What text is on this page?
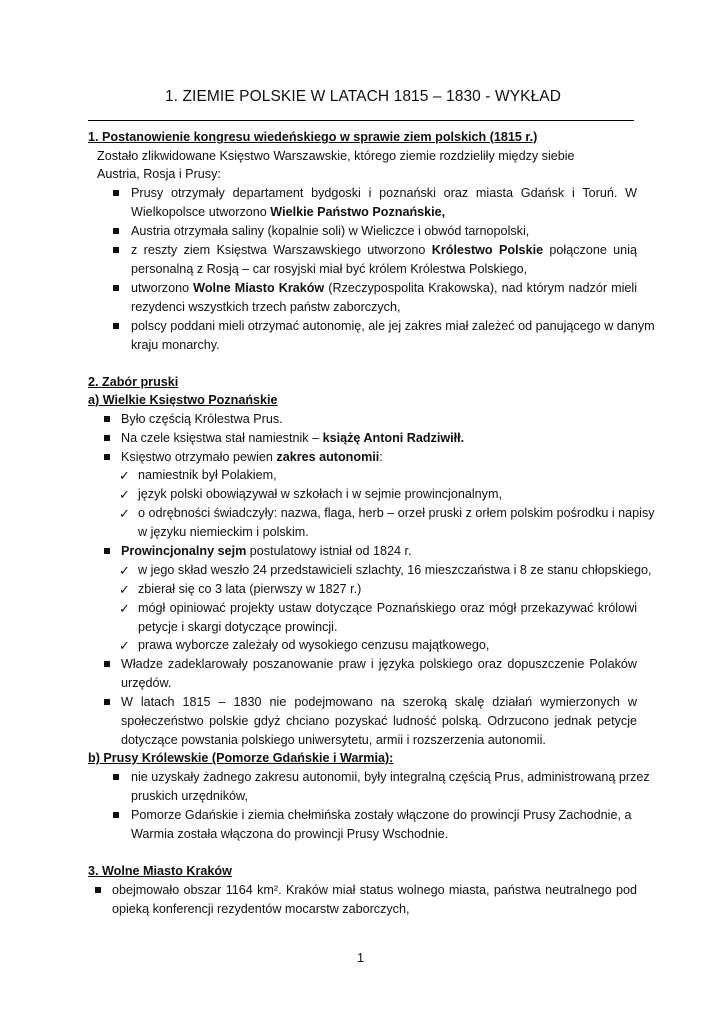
1. ZIEMIE POLSKIE W LATACH 1815 – 1830 - WYKŁAD
1. Postanowienie kongresu wiedeńskiego w sprawie ziem polskich (1815 r.)
Zostało zlikwidowane Księstwo Warszawskie, którego ziemie rozdzieliły między siebie
Austria, Rosja i Prusy:
Prusy otrzymały departament bydgoski i poznański oraz miasta Gdańsk i Toruń. W
Wielkopolsce utworzono Wielkie Państwo Poznańskie,
Austria otrzymała saliny (kopalnie soli) w Wieliczce i obwód tarnopolski,
z reszty ziem Księstwa Warszawskiego utworzono Królestwo Polskie połączone unią
personalną z Rosją – car rosyjski miał być królem Królestwa Polskiego,
utworzono Wolne Miasto Kraków (Rzeczypospolita Krakowska), nad którym nadzór mieli
rezydenci wszystkich trzech państw zaborczych,
polscy poddani mieli otrzymać autonomię, ale jej zakres miał zależeć od panującego w danym
kraju monarchy.
2. Zabór pruski
a) Wielkie Księstwo Poznańskie
Było częścią Królestwa Prus.
Na czele księstwa stał namiestnik – książę Antoni Radziwiłł.
Księstwo otrzymało pewien zakres autonomii:
✓ namiestnik był Polakiem,
✓ język polski obowiązywał w szkołach i w sejmie prowincjonalnym,
✓ o odrębności świadczyły: nazwa, flaga, herb – orzeł pruski z orłem polskim pośrodku i napisy
w języku niemieckim i polskim.
Prowincjonalny sejm postulatowy istniał od 1824 r.
✓ w jego skład weszło 24 przedstawicieli szlachty, 16 mieszczaństwa i 8 ze stanu chłopskiego,
✓ zbierał się co 3 lata (pierwszy w 1827 r.)
✓ mógł opiniować projekty ustaw dotyczące Poznańskiego oraz mógł przekazywać królowi
petycje i skargi dotyczące prowincji.
✓ prawa wyborcze zależały od wysokiego cenzusu majątkowego,
Władze zadeklarowały poszanowanie praw i języka polskiego oraz dopuszczenie Polaków
urzędów.
W latach 1815 – 1830 nie podejmowano na szeroką skalę działań wymierzonych w
społeczeństwo polskie gdyż chciano pozyskać ludność polską. Odrzucono jednak petycje
dotyczące powstania polskiego uniwersytetu, armii i rozszerzenia autonomii.
b) Prusy Królewskie (Pomorze Gdańskie i Warmia):
nie uzyskały żadnego zakresu autonomii, były integralną częścią Prus, administrowaną przez
pruskich urzędników,
Pomorze Gdańskie i ziemia chełmińska zostały włączone do prowincji Prusy Zachodnie, a
Warmia została włączona do prowincji Prusy Wschodnie.
3. Wolne Miasto Kraków
obejmowało obszar 1164 km². Kraków miał status wolnego miasta, państwa neutralnego pod
opieką konferencji rezydentów mocarstw zaborczych,
1
